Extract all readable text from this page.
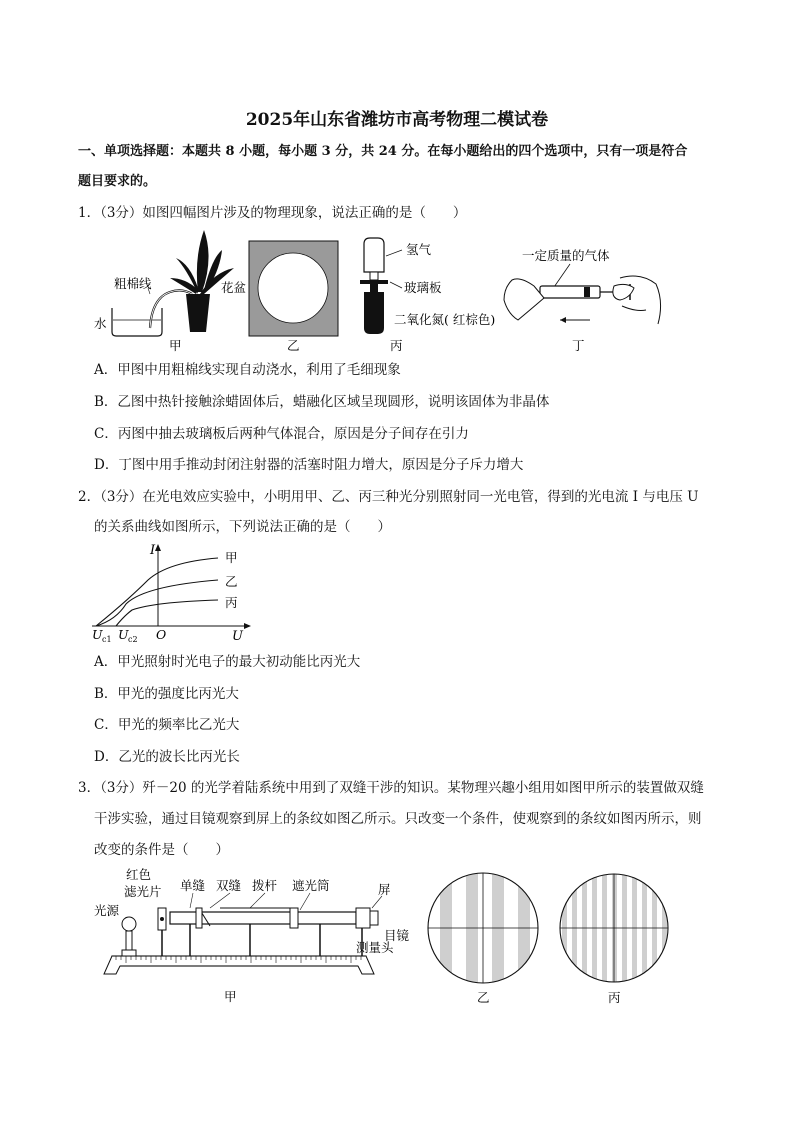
2025年山东省潍坊市高考物理二模试卷
一、单项选择题：本题共 8 小题，每小题 3 分，共 24 分。在每小题给出的四个选项中，只有一项是符合
题目要求的。
1．（3分）如图四幅图片涉及的物理现象，说法正确的是（　　）
粗棉线
水
花盆
甲	乙
氢气
玻璃板
二氧化氮( 红棕色)
丙
一定质量的气体
丁
A．甲图中用粗棉线实现自动浇水，利用了毛细现象
B．乙图中热针接触涂蜡固体后，蜡融化区域呈现圆形，说明该固体为非晶体
C．丙图中抽去玻璃板后两种气体混合，原因是分子间存在引力
D．丁图中用手推动封闭注射器的活塞时阻力增大，原因是分子斥力增大
2．（3分）在光电效应实验中，小明用甲、乙、丙三种光分别照射同一光电管，得到的光电流 I 与电压 U
的关系曲线如图所示，下列说法正确的是（　　）
I
U
O
U c1 U c2
甲
乙
丙
A．甲光照射时光电子的最大初动能比丙光大
B．甲光的强度比丙光大
C．甲光的频率比乙光大
D．乙光的波长比丙光长
3．（3分）歼－20 的光学着陆系统中用到了双缝干涉的知识。某物理兴趣小组用如图甲所示的装置做双缝
干涉实验，通过目镜观察到屏上的条纹如图乙所示。只改变一个条件，使观察到的条纹如图丙所示，则
改变的条件是（　　）
红色
滤光片
光源
单缝 双缝 拨杆 遮光筒	屏
目镜
测量头
甲	乙	丙
